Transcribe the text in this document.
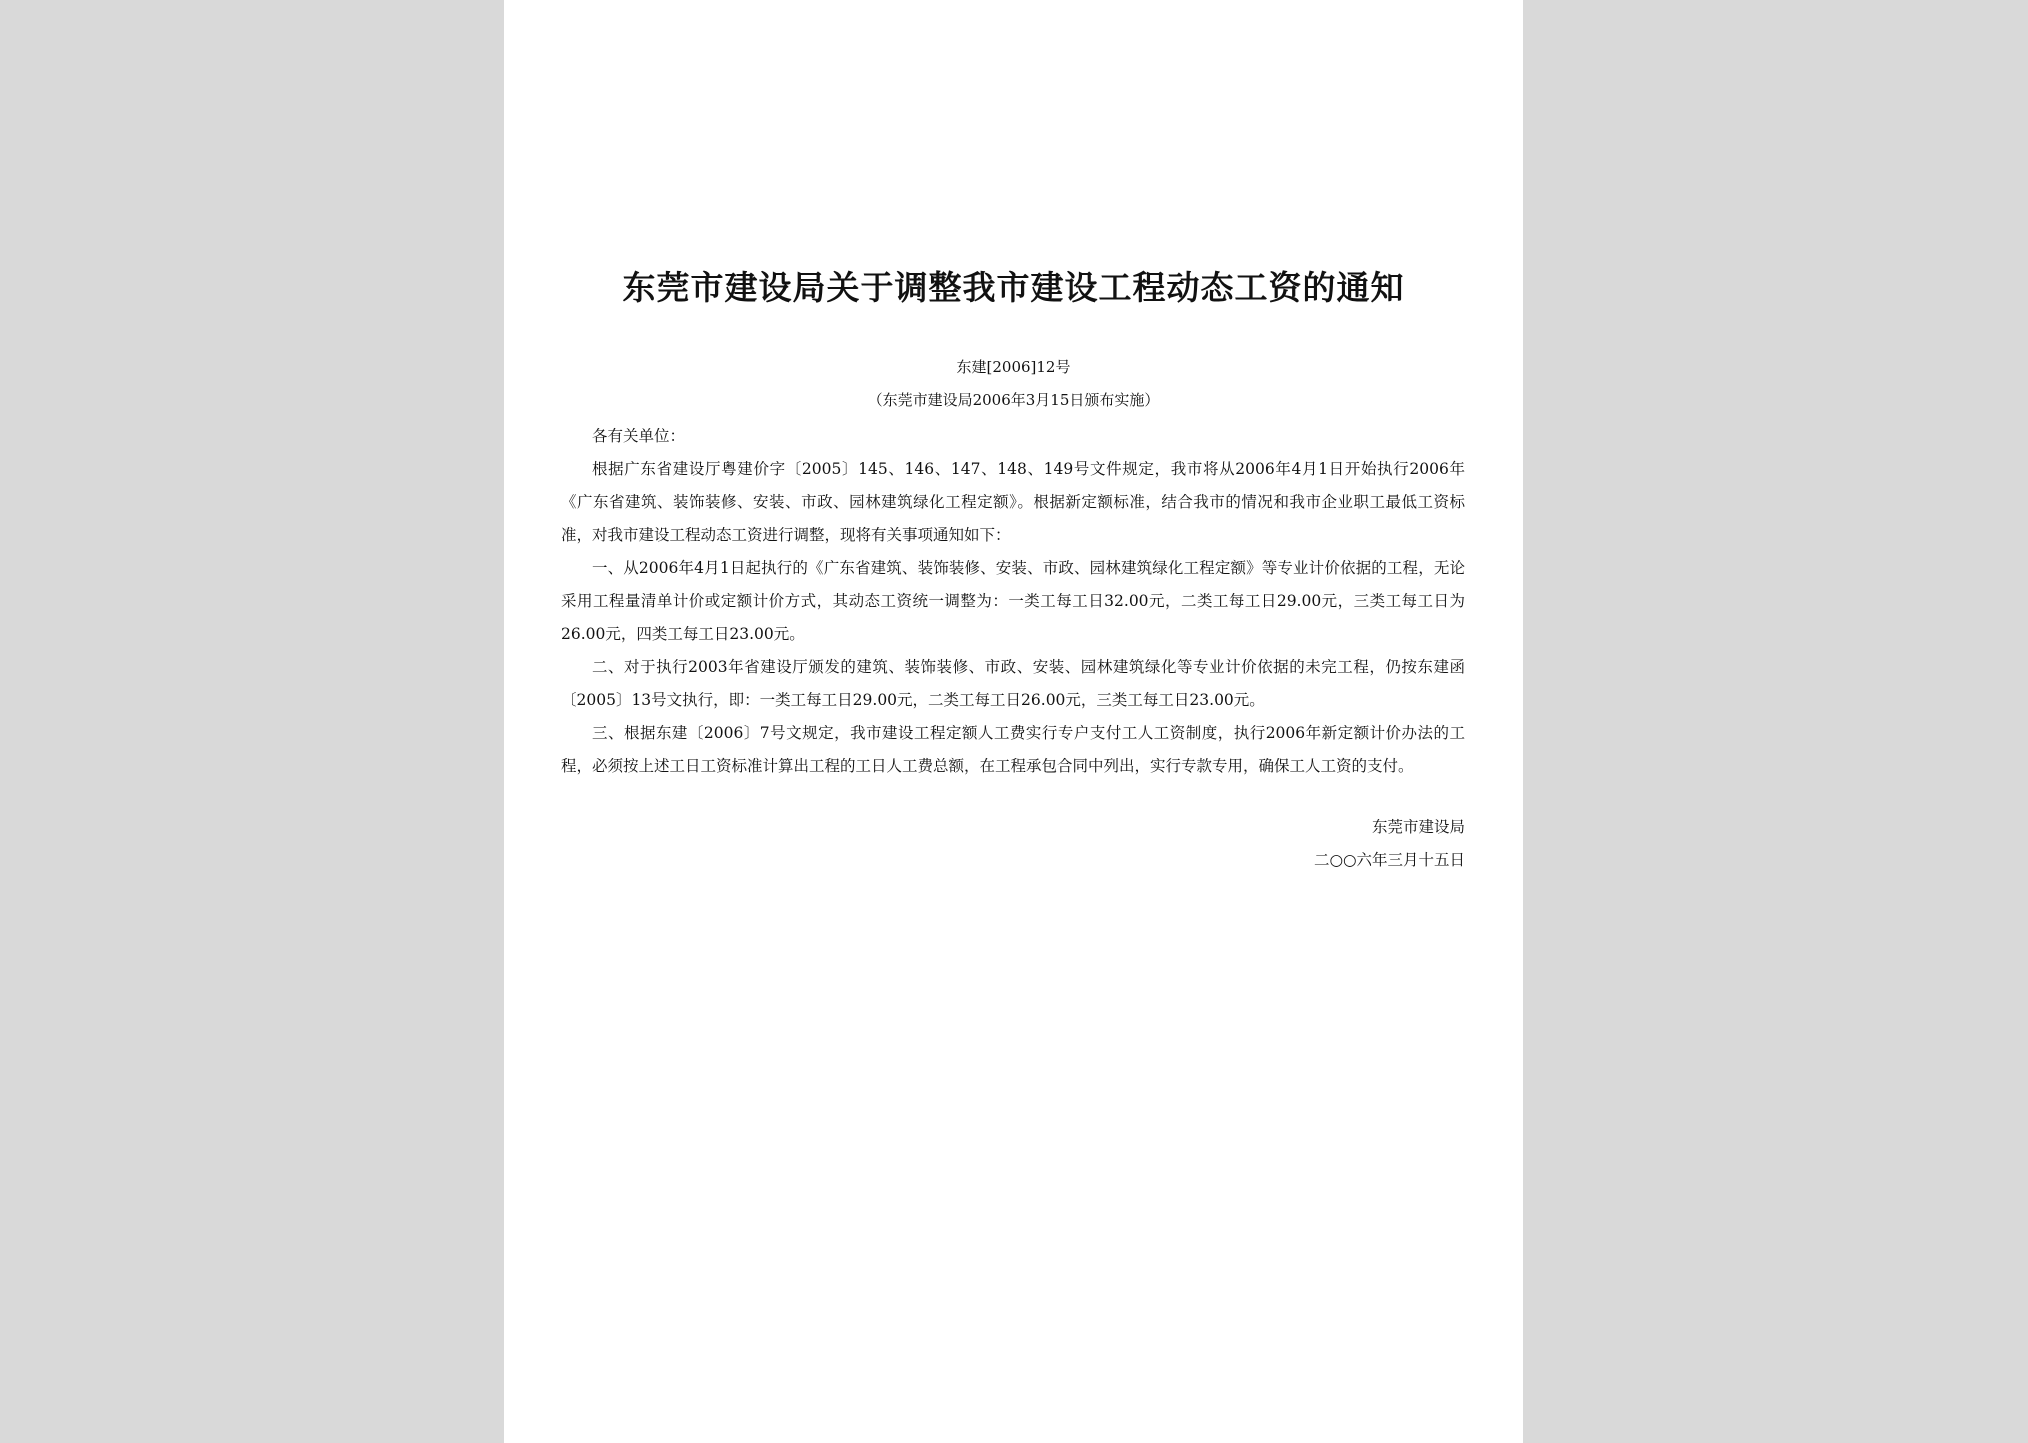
东莞市建设局关于调整我市建设工程动态工资的通知
东建[2006]12号
（东莞市建设局2006年3月15日颁布实施）

各有关单位：

根据广东省建设厅粤建价字〔2005〕145、146、147、148、149号文件规定，我市将从2006年4月1日开始执行2006年《广东省建筑、装饰装修、安装、市政、园林建筑绿化工程定额》。根据新定额标准，结合我市的情况和我市企业职工最低工资标准，对我市建设工程动态工资进行调整，现将有关事项通知如下：

一、从2006年4月1日起执行的《广东省建筑、装饰装修、安装、市政、园林建筑绿化工程定额》等专业计价依据的工程，无论采用工程量清单计价或定额计价方式，其动态工资统一调整为：一类工每工日32.00元，二类工每工日29.00元，三类工每工日为26.00元，四类工每工日23.00元。

二、对于执行2003年省建设厅颁发的建筑、装饰装修、市政、安装、园林建筑绿化等专业计价依据的未完工程，仍按东建函〔2005〕13号文执行，即：一类工每工日29.00元，二类工每工日26.00元，三类工每工日23.00元。

三、根据东建〔2006〕7号文规定，我市建设工程定额人工费实行专户支付工人工资制度，执行2006年新定额计价办法的工程，必须按上述工日工资标准计算出工程的工日人工费总额，在工程承包合同中列出，实行专款专用，确保工人工资的支付。

东莞市建设局
二○○六年三月十五日
